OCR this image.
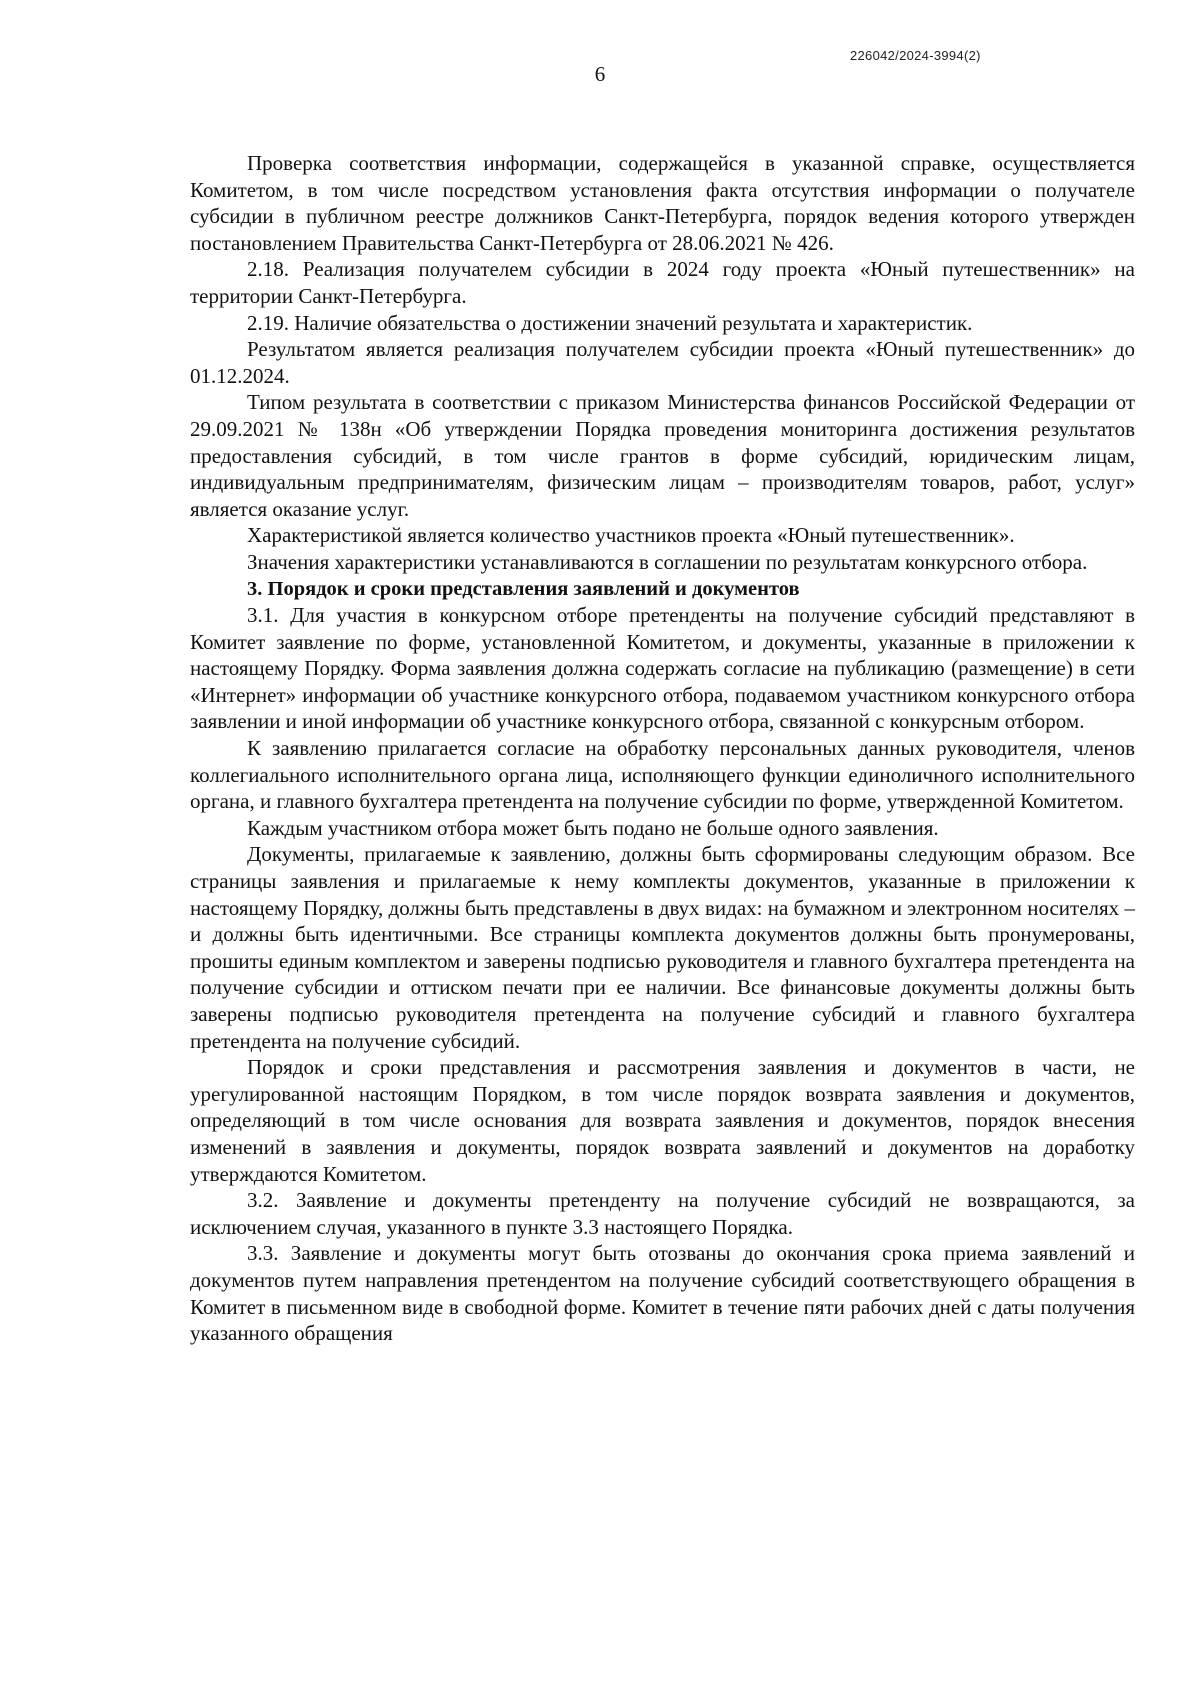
226042/2024-3994(2)
6

Проверка соответствия информации, содержащейся в указанной справке, осуществляется Комитетом, в том числе посредством установления факта отсутствия информации о получателе субсидии в публичном реестре должников Санкт-Петербурга, порядок ведения которого утвержден постановлением Правительства Санкт-Петербурга от 28.06.2021 № 426.

2.18. Реализация получателем субсидии в 2024 году проекта «Юный путешественник» на территории Санкт-Петербурга.

2.19. Наличие обязательства о достижении значений результата и характеристик.

Результатом является реализация получателем субсидии проекта «Юный путешественник» до 01.12.2024.

Типом результата в соответствии с приказом Министерства финансов Российской Федерации от 29.09.2021 № 138н «Об утверждении Порядка проведения мониторинга достижения результатов предоставления субсидий, в том числе грантов в форме субсидий, юридическим лицам, индивидуальным предпринимателям, физическим лицам – производителям товаров, работ, услуг» является оказание услуг.

Характеристикой является количество участников проекта «Юный путешественник».

Значения характеристики устанавливаются в соглашении по результатам конкурсного отбора.

3. Порядок и сроки представления заявлений и документов

3.1. Для участия в конкурсном отборе претенденты на получение субсидий представляют в Комитет заявление по форме, установленной Комитетом, и документы, указанные в приложении к настоящему Порядку. Форма заявления должна содержать согласие на публикацию (размещение) в сети «Интернет» информации об участнике конкурсного отбора, подаваемом участником конкурсного отбора заявлении и иной информации об участнике конкурсного отбора, связанной с конкурсным отбором.

К заявлению прилагается согласие на обработку персональных данных руководителя, членов коллегиального исполнительного органа лица, исполняющего функции единоличного исполнительного органа, и главного бухгалтера претендента на получение субсидии по форме, утвержденной Комитетом.

Каждым участником отбора может быть подано не больше одного заявления.

Документы, прилагаемые к заявлению, должны быть сформированы следующим образом. Все страницы заявления и прилагаемые к нему комплекты документов, указанные в приложении к настоящему Порядку, должны быть представлены в двух видах: на бумажном и электронном носителях – и должны быть идентичными. Все страницы комплекта документов должны быть пронумерованы, прошиты единым комплектом и заверены подписью руководителя и главного бухгалтера претендента на получение субсидии и оттиском печати при ее наличии. Все финансовые документы должны быть заверены подписью руководителя претендента на получение субсидий и главного бухгалтера претендента на получение субсидий.

Порядок и сроки представления и рассмотрения заявления и документов в части, не урегулированной настоящим Порядком, в том числе порядок возврата заявления и документов, определяющий в том числе основания для возврата заявления и документов, порядок внесения изменений в заявления и документы, порядок возврата заявлений и документов на доработку утверждаются Комитетом.

3.2. Заявление и документы претенденту на получение субсидий не возвращаются, за исключением случая, указанного в пункте 3.3 настоящего Порядка.

3.3. Заявление и документы могут быть отозваны до окончания срока приема заявлений и документов путем направления претендентом на получение субсидий соответствующего обращения в Комитет в письменном виде в свободной форме. Комитет в течение пяти рабочих дней с даты получения указанного обращения
